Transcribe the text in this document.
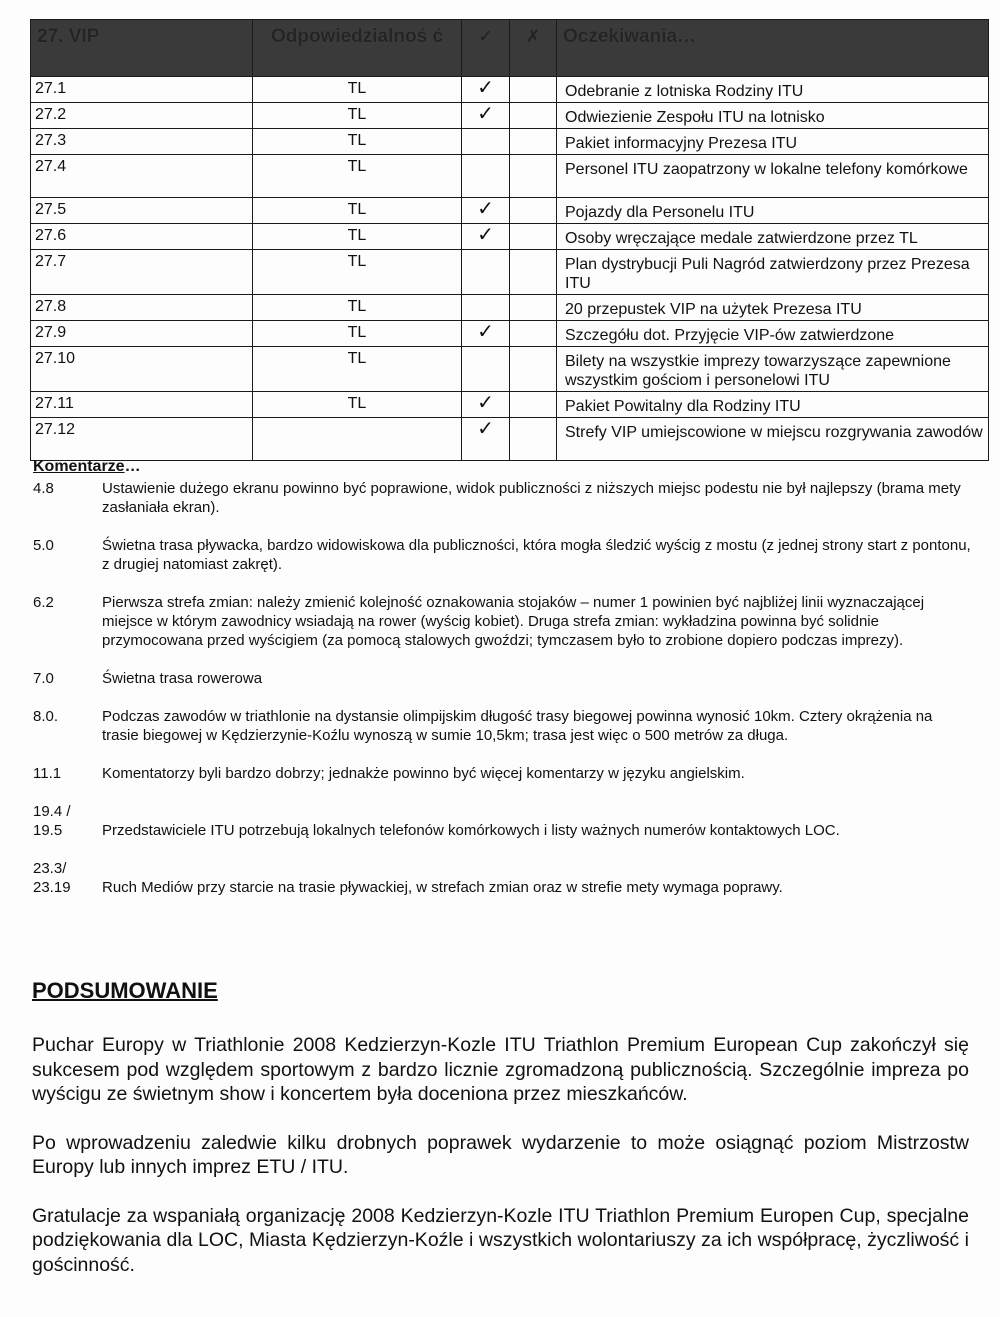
27. VIP	Odpowiedzialnoś ć	✓	✗	Oczekiwania…
27.1	TL	✓		Odebranie z lotniska Rodziny ITU
27.2	TL	✓		Odwiezienie Zespołu ITU na lotnisko
27.3	TL			Pakiet informacyjny Prezesa ITU
27.4	TL			Personel ITU zaopatrzony w lokalne telefony komórkowe
27.5	TL	✓		Pojazdy dla Personelu ITU
27.6	TL	✓		Osoby wręczające medale zatwierdzone przez TL
27.7	TL			Plan dystrybucji Puli Nagród zatwierdzony przez Prezesa ITU
27.8	TL			20 przepustek VIP na użytek Prezesa ITU
27.9	TL	✓		Szczegółu dot. Przyjęcie VIP-ów zatwierdzone
27.10	TL			Bilety na wszystkie imprezy towarzyszące zapewnione wszystkim gościom i personelowi ITU
27.11	TL	✓		Pakiet Powitalny dla Rodziny ITU
27.12		✓		Strefy VIP umiejscowione w miejscu rozgrywania zawodów
Komentarze…
4.8	Ustawienie dużego ekranu powinno być poprawione, widok publiczności z niższych miejsc podestu nie był najlepszy (brama mety zasłaniała ekran).
5.0	Świetna trasa pływacka, bardzo widowiskowa dla publiczności, która mogła śledzić wyścig z mostu (z jednej strony start z pontonu, z drugiej natomiast zakręt).
6.2	Pierwsza strefa zmian: należy zmienić kolejność oznakowania stojaków – numer 1 powinien być najbliżej linii wyznaczającej miejsce w którym zawodnicy wsiadają na rower (wyścig kobiet). Druga strefa zmian: wykładzina powinna być solidnie przymocowana przed wyścigiem (za pomocą stalowych gwoździ; tymczasem było to zrobione dopiero podczas imprezy).
7.0	Świetna trasa rowerowa
8.0.	Podczas zawodów w triathlonie na dystansie olimpijskim długość trasy biegowej powinna wynosić 10km. Cztery okrążenia na trasie biegowej w Kędzierzynie-Koźlu wynoszą w sumie 10,5km; trasa jest więc o 500 metrów za długa.
11.1	Komentatorzy byli bardzo dobrzy; jednakże powinno być więcej komentarzy w języku angielskim.
19.4 /
19.5	Przedstawiciele ITU potrzebują lokalnych telefonów komórkowych i listy ważnych numerów kontaktowych LOC.
23.3/
23.19	Ruch Mediów przy starcie na trasie pływackiej, w strefach zmian oraz w strefie mety wymaga poprawy.
PODSUMOWANIE

Puchar Europy w Triathlonie 2008 Kedzierzyn-Kozle ITU Triathlon Premium European Cup zakończył się sukcesem pod względem sportowym z bardzo licznie zgromadzoną publicznością. Szczególnie impreza po wyścigu ze świetnym show i koncertem była doceniona przez mieszkańców.

Po wprowadzeniu zaledwie kilku drobnych poprawek wydarzenie to może osiągnąć poziom Mistrzostw Europy lub innych imprez ETU / ITU.

Gratulacje za wspaniałą organizację 2008 Kedzierzyn-Kozle ITU Triathlon Premium Europen Cup, specjalne podziękowania dla LOC, Miasta Kędzierzyn-Koźle i wszystkich wolontariuszy za ich współpracę, życzliwość i gościnność.
